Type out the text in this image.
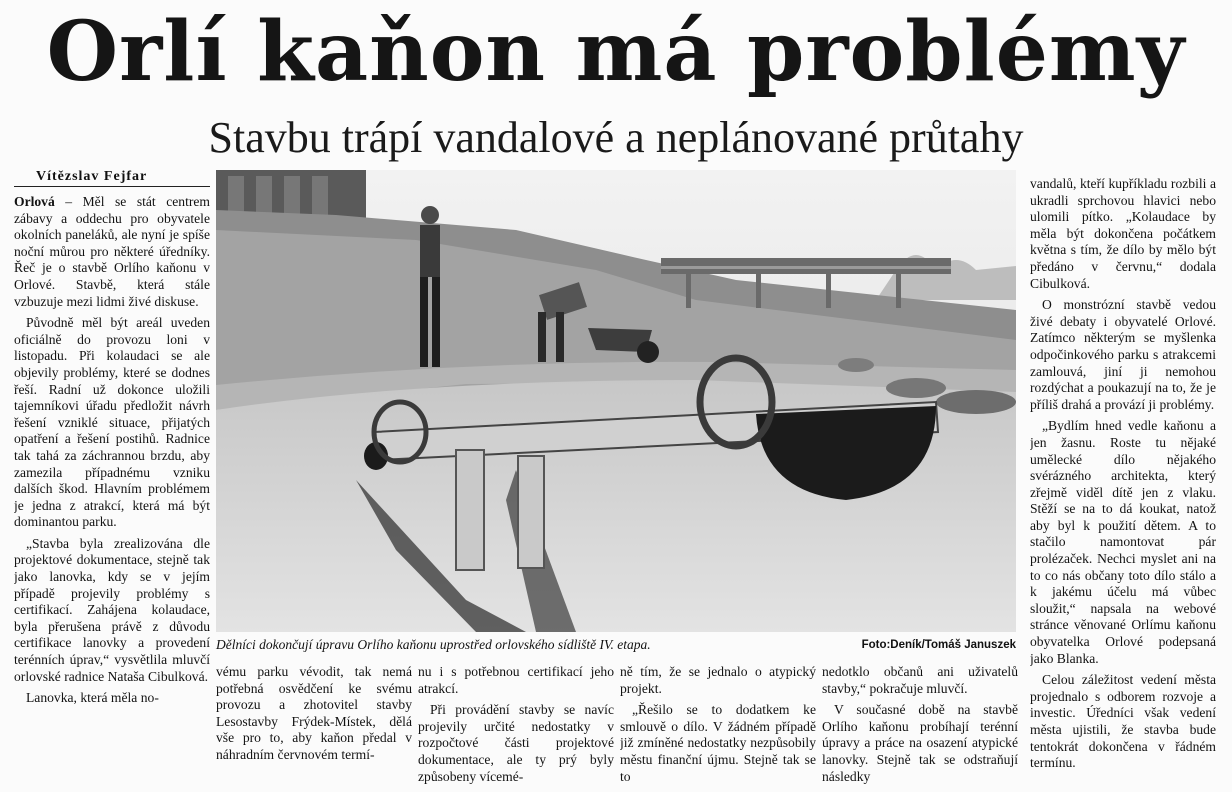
Orlí kaňon má problémy
Stavbu trápí vandalové a neplánované průtahy
Vítězslav Fejfar

Orlová – Měl se stát centrem zábavy a oddechu pro obyvatele okolních paneláků, ale nyní je spíše noční můrou pro některé úředníky. Řeč je o stavbě Orlího kaňonu v Orlové. Stavbě, která stále vzbuzuje mezi lidmi živé diskuse.

Původně měl být areál uveden oficiálně do provozu loni v listopadu. Při kolaudaci se ale objevily problémy, které se dodnes řeší. Radní už dokonce uložili tajemníkovi úřadu předložit návrh řešení vzniklé situace, přijatých opatření a řešení postihů. Radnice tak tahá za záchrannou brzdu, aby zamezila případnému vzniku dalších škod. Hlavním problémem je jedna z atrakcí, která má být dominantou parku.

„Stavba byla zrealizována dle projektové dokumentace, stejně tak jako lanovka, kdy se v jejím případě projevily problémy s certifikací. Zahájena kolaudace, byla přerušena právě z důvodu certifikace lanovky a provedení terénních úprav,“ vysvětlila mluvčí orlovské radnice Nataša Cibulková.

Lanovka, která měla no-

Dělníci dokončují úpravu Orlího kaňonu uprostřed orlovského sídliště IV. etapa.	Foto:Deník/Tomáš Januszek

vému parku vévodit, tak nemá potřebná osvědčení ke svému provozu a zhotovitel stavby Lesostavby Frýdek-Místek, dělá vše pro to, aby kaňon předal v náhradním červnovém termí-

nu i s potřebnou certifikací jeho atrakcí.

Při provádění stavby se navíc projevily určité nedostatky v rozpočtové části projektové dokumentace, ale ty prý byly způsobeny vícemé-

ně tím, že se jednalo o atypický projekt.

„Řešilo se to dodatkem ke smlouvě o dílo. V žádném případě již zmíněné nedostatky nezpůsobily městu finanční újmu. Stejně tak se to

nedotklo občanů ani uživatelů stavby,“ pokračuje mluvčí.

V současné době na stavbě Orlího kaňonu probíhají terénní úpravy a práce na osazení atypické lanovky. Stejně tak se odstraňují následky

vandalů, kteří kupříkladu rozbili a ukradli sprchovou hlavici nebo ulomili pítko. „Kolaudace by měla být dokončena počátkem května s tím, že dílo by mělo být předáno v červnu,“ dodala Cibulková.

O monstrózní stavbě vedou živé debaty i obyvatelé Orlové. Zatímco některým se myšlenka odpočinkového parku s atrakcemi zamlouvá, jiní ji nemohou rozdýchat a poukazují na to, že je příliš drahá a provází ji problémy.

„Bydlím hned vedle kaňonu a jen žasnu. Roste tu nějaké umělecké dílo nějakého svérázného architekta, který zřejmě viděl dítě jen z vlaku. Stěží se na to dá koukat, natož aby byl k použití dětem. A to stačilo namontovat pár prolézaček. Nechci myslet ani na to co nás občany toto dílo stálo a k jakému účelu má vůbec sloužit,“ napsala na webové stránce věnované Orlímu kaňonu obyvatelka Orlové podepsaná jako Blanka.

Celou záležitost vedení města projednalo s odborem rozvoje a investic. Úředníci však vedení města ujistili, že stavba bude tentokrát dokončena v řádném termínu.
